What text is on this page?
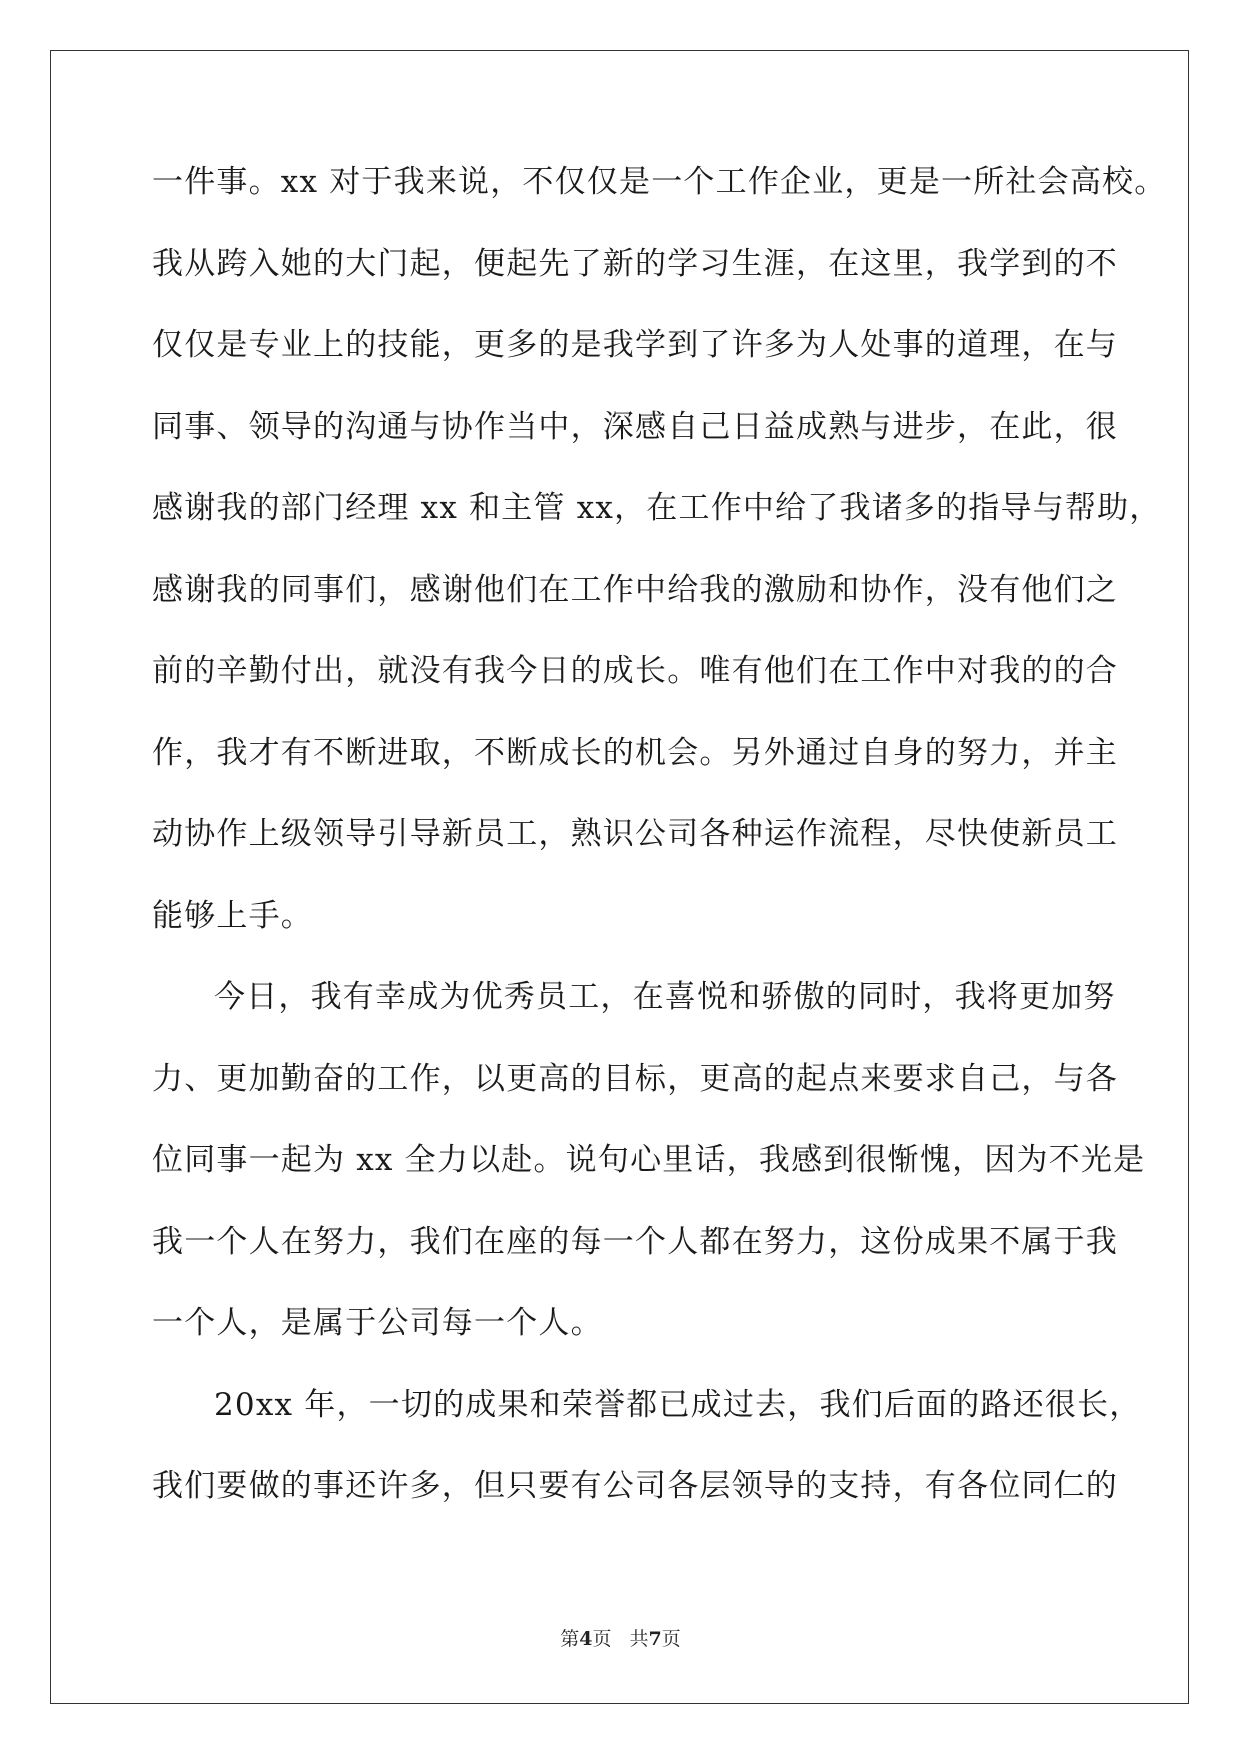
一件事。xx 对于我来说，不仅仅是一个工作企业，更是一所社会高校。
我从跨入她的大门起，便起先了新的学习生涯，在这里，我学到的不
仅仅是专业上的技能，更多的是我学到了许多为人处事的道理，在与
同事、领导的沟通与协作当中，深感自己日益成熟与进步，在此，很
感谢我的部门经理 xx 和主管 xx，在工作中给了我诸多的指导与帮助，
感谢我的同事们，感谢他们在工作中给我的激励和协作，没有他们之
前的辛勤付出，就没有我今日的成长。唯有他们在工作中对我的的合
作，我才有不断进取，不断成长的机会。另外通过自身的努力，并主
动协作上级领导引导新员工，熟识公司各种运作流程，尽快使新员工
能够上手。
今日，我有幸成为优秀员工，在喜悦和骄傲的同时，我将更加努
力、更加勤奋的工作，以更高的目标，更高的起点来要求自己，与各
位同事一起为 xx 全力以赴。说句心里话，我感到很惭愧，因为不光是
我一个人在努力，我们在座的每一个人都在努力，这份成果不属于我
一个人，是属于公司每一个人。
20xx 年，一切的成果和荣誉都已成过去，我们后面的路还很长，
我们要做的事还许多，但只要有公司各层领导的支持，有各位同仁的
第4页 共7页
